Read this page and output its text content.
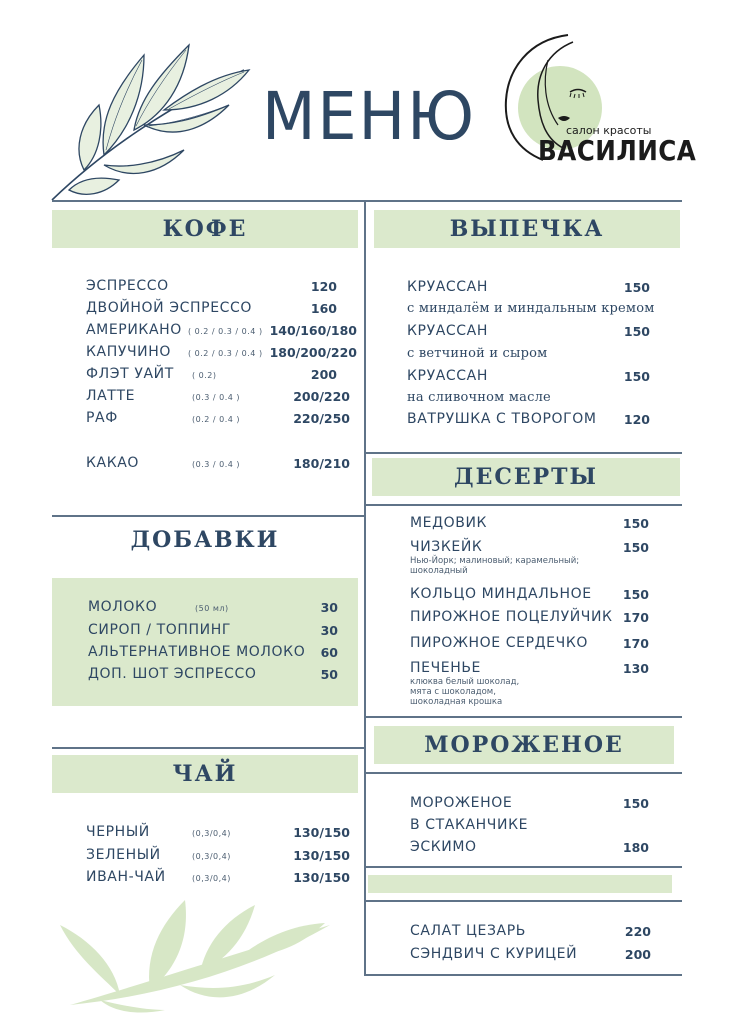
МЕНЮ	салон красоты
ВАСИЛИСА
КОФЕ
ЭСПРЕССО	120
ДВОЙНОЙ ЭСПРЕССО	160
АМЕРИКАНО ( 0.2 / 0.3 / 0.4 ) 140/160/180
КАПУЧИНО ( 0.2 / 0.3 / 0.4 ) 180/200/220
ФЛЭТ УАЙТ ( 0.2)	200
ЛАТТЕ	(0.3 / 0.4 )	200/220
РАФ	(0.2 / 0.4 )	220/250
КАКАО	(0.3 / 0.4 )	180/210
ДОБАВКИ
МОЛОКО	(50 мл)	30
СИРОП / ТОППИНГ	30
АЛЬТЕРНАТИВНОЕ МОЛОКО 60
ДОП. ШОТ ЭСПРЕССО	50
ЧАЙ
ЧЕРНЫЙ	(0,3/0,4)	130/150
ЗЕЛЕНЫЙ	(0,3/0,4)	130/150
ИВАН-ЧАЙ	(0,3/0,4)	130/150
ВЫПЕЧКА
КРУАССАН	150
с миндалём и миндальным кремом
КРУАССАН	150
с ветчиной и сыром
КРУАССАН	150
на сливочном масле
ВАТРУШКА С ТВОРОГОМ 120
ДЕСЕРТЫ
МЕДОВИК	150
ЧИЗКЕЙК	150
Нью-Йорк; малиновый; карамельный;
шоколадный
КОЛЬЦО МИНДАЛЬНОЕ 150
ПИРОЖНОЕ ПОЦЕЛУЙЧИК 170
ПИРОЖНОЕ СЕРДЕЧКО	170
ПЕЧЕНЬЕ	130
клюква белый шоколад,
мята с шоколадом,
шоколадная крошка
МОРОЖЕНОЕ
МОРОЖЕНОЕ	150
В СТАКАНЧИКЕ
ЭСКИМО	180
САЛАТ ЦЕЗАРЬ	220
СЭНДВИЧ С КУРИЦЕЙ	200
